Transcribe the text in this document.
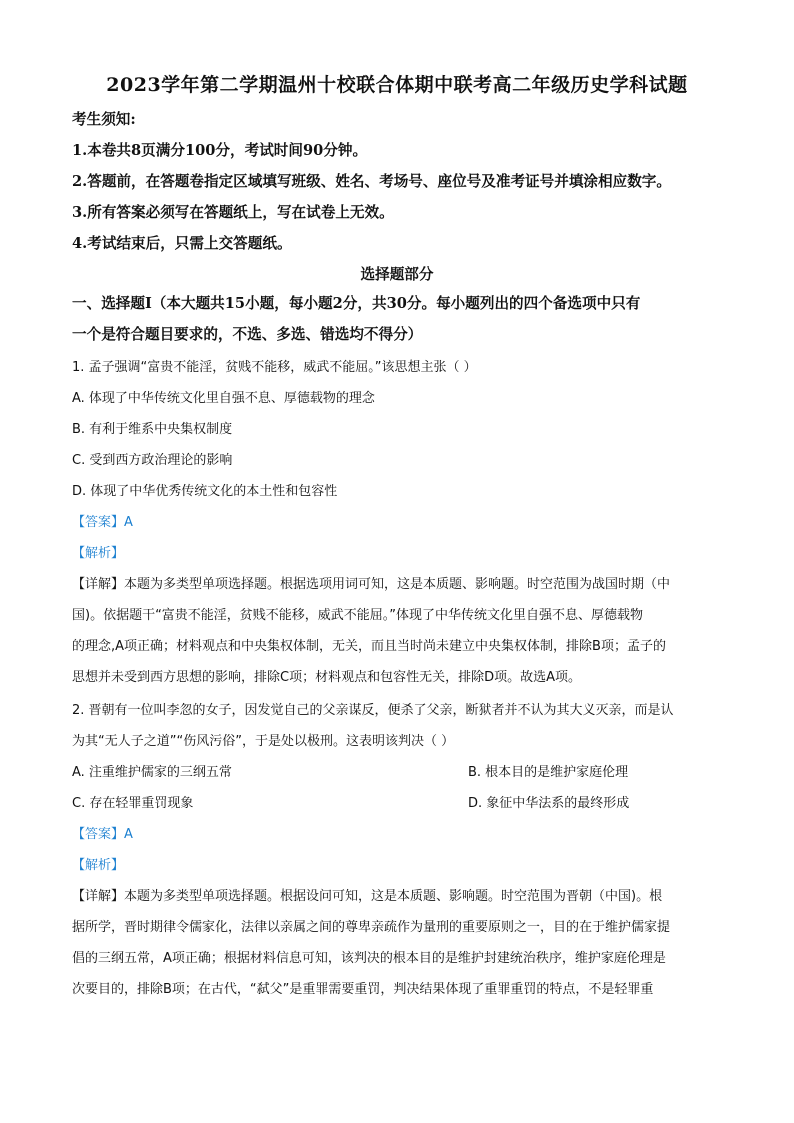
2023学年第二学期温州十校联合体期中联考高二年级历史学科试题
考生须知:
1.本卷共8页满分100分，考试时间90分钟。
2.答题前，在答题卷指定区域填写班级、姓名、考场号、座位号及准考证号并填涂相应数字。
3.所有答案必须写在答题纸上，写在试卷上无效。
4.考试结束后，只需上交答题纸。
选择题部分
一、选择题Ⅰ（本大题共15小题，每小题2分，共30分。每小题列出的四个备选项中只有
一个是符合题目要求的，不选、多选、错选均不得分）
1. 孟子强调“富贵不能淫，贫贱不能移，威武不能屈。”该思想主张（ ）
A. 体现了中华传统文化里自强不息、厚德载物的理念
B. 有利于维系中央集权制度
C. 受到西方政治理论的影响
D. 体现了中华优秀传统文化的本土性和包容性
【答案】A
【解析】
【详解】本题为多类型单项选择题。根据选项用词可知，这是本质题、影响题。时空范围为战国时期（中
国)。依据题干“富贵不能淫，贫贱不能移，威武不能屈。”体现了中华传统文化里自强不息、厚德载物
的理念,A项正确；材料观点和中央集权体制，无关，而且当时尚未建立中央集权体制，排除B项；孟子的
思想并未受到西方思想的影响，排除C项；材料观点和包容性无关，排除D项。故选A项。
2. 晋朝有一位叫李忽的女子，因发觉自己的父亲谋反，便杀了父亲，断狱者并不认为其大义灭亲，而是认
为其“无人子之道”“伤风污俗”，于是处以极刑。这表明该判决（ ）
A. 注重维护儒家的三纲五常	B. 根本目的是维护家庭伦理
C. 存在轻罪重罚现象	D. 象征中华法系的最终形成
【答案】A
【解析】
【详解】本题为多类型单项选择题。根据设问可知，这是本质题、影响题。时空范围为晋朝（中国)。根
据所学，晋时期律令儒家化，法律以亲属之间的尊卑亲疏作为量刑的重要原则之一，目的在于维护儒家提
倡的三纲五常，A项正确；根据材料信息可知，该判决的根本目的是维护封建统治秩序，维护家庭伦理是
次要目的，排除B项；在古代，“弑父”是重罪需要重罚，判决结果体现了重罪重罚的特点，不是轻罪重
